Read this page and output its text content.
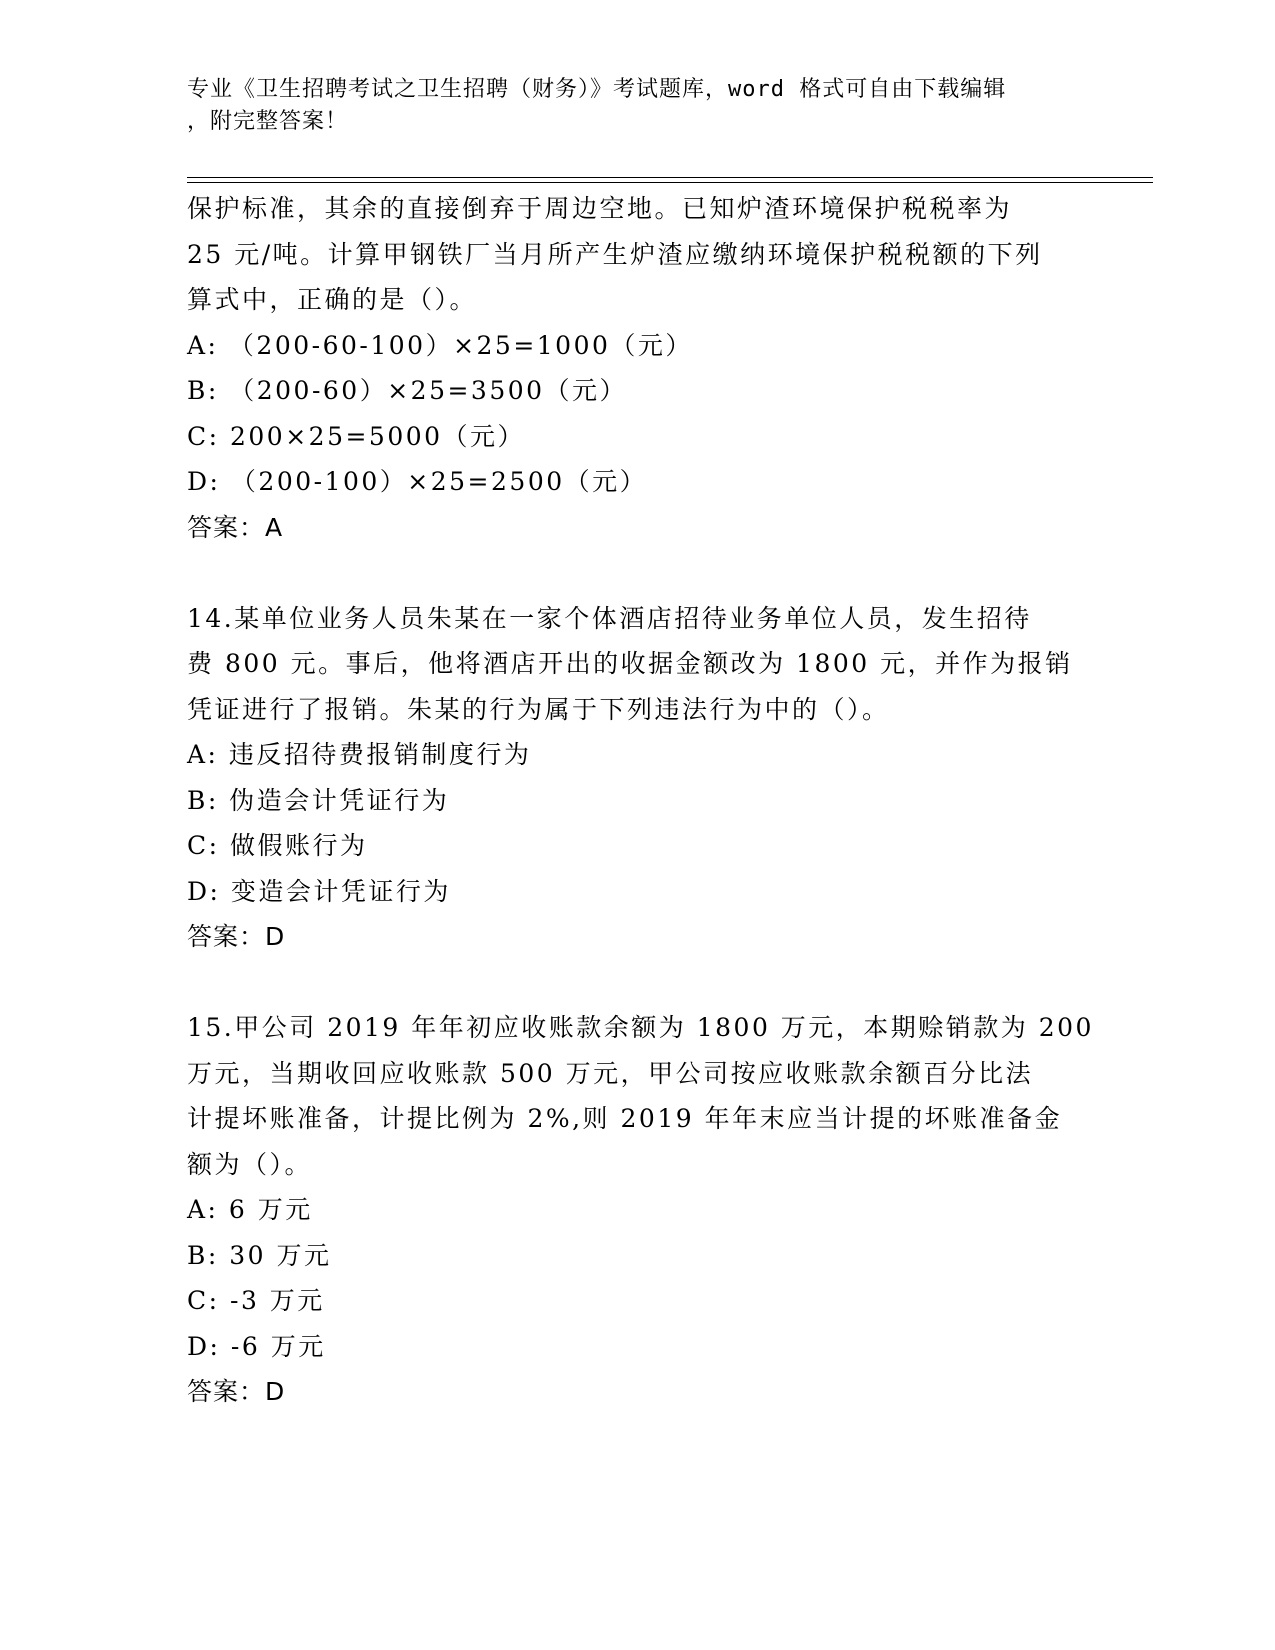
专业《卫生招聘考试之卫生招聘（财务）》考试题库，word 格式可自由下载编辑
，附完整答案！
保护标准，其余的直接倒弃于周边空地。已知炉渣环境保护税税率为
25 元/吨。计算甲钢铁厂当月所产生炉渣应缴纳环境保护税税额的下列
算式中，正确的是（）。
A: （200-60-100）×25=1000（元）
B: （200-60）×25=3500（元）
C: 200×25=5000（元）
D: （200-100）×25=2500（元）
答案：A
14.某单位业务人员朱某在一家个体酒店招待业务单位人员，发生招待
费 800 元。事后，他将酒店开出的收据金额改为 1800 元，并作为报销
凭证进行了报销。朱某的行为属于下列违法行为中的（）。
A: 违反招待费报销制度行为
B: 伪造会计凭证行为
C: 做假账行为
D: 变造会计凭证行为
答案：D
15.甲公司 2019 年年初应收账款余额为 1800 万元，本期赊销款为 200
万元，当期收回应收账款 500 万元，甲公司按应收账款余额百分比法
计提坏账准备，计提比例为 2%,则 2019 年年末应当计提的坏账准备金
额为（）。
A: 6 万元
B: 30 万元
C: -3 万元
D: -6 万元
答案：D
